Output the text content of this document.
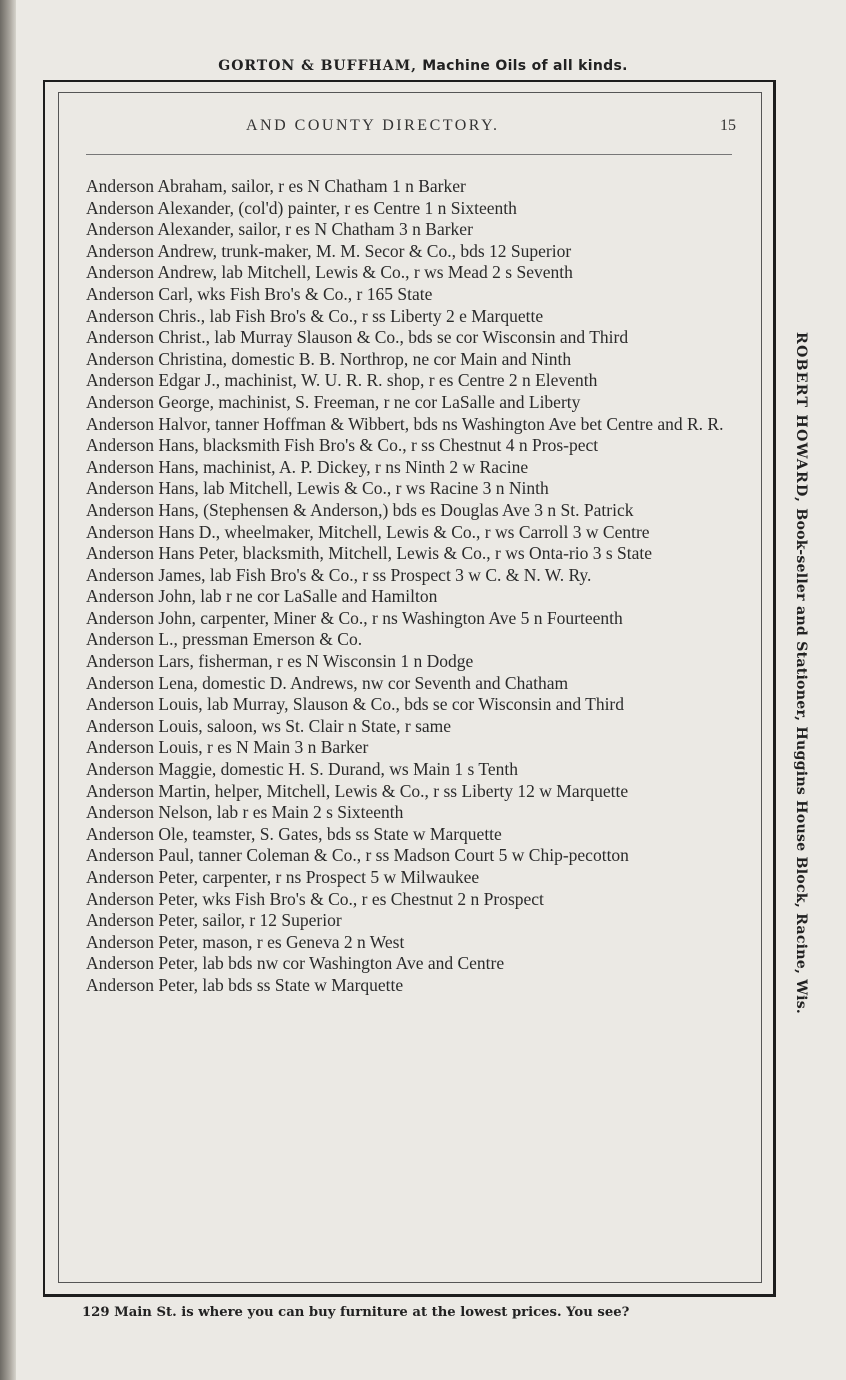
GORTON & BUFFHAM, Machine Oils of all kinds.
AND COUNTY DIRECTORY.	15
Anderson Abraham, sailor, r es N Chatham 1 n Barker
Anderson Alexander, (col'd) painter, r es Centre 1 n Sixteenth
Anderson Alexander, sailor, r es N Chatham 3 n Barker
Anderson Andrew, trunk-maker, M. M. Secor & Co., bds 12 Superior
Anderson Andrew, lab Mitchell, Lewis & Co., r ws Mead 2 s Seventh
Anderson Carl, wks Fish Bro's & Co., r 165 State
Anderson Chris., lab Fish Bro's & Co., r ss Liberty 2 e Marquette
Anderson Christ., lab Murray Slauson & Co., bds se cor Wisconsin and Third
Anderson Christina, domestic B. B. Northrop, ne cor Main and Ninth
Anderson Edgar J., machinist, W. U. R. R. shop, r es Centre 2 n Eleventh
Anderson George, machinist, S. Freeman, r ne cor LaSalle and Liberty
Anderson Halvor, tanner Hoffman & Wibbert, bds ns Washington Ave bet Centre and R. R.
Anderson Hans, blacksmith Fish Bro's & Co., r ss Chestnut 4 n Pros-pect
Anderson Hans, machinist, A. P. Dickey, r ns Ninth 2 w Racine
Anderson Hans, lab Mitchell, Lewis & Co., r ws Racine 3 n Ninth
Anderson Hans, (Stephensen & Anderson,) bds es Douglas Ave 3 n St. Patrick
Anderson Hans D., wheelmaker, Mitchell, Lewis & Co., r ws Carroll 3 w Centre
Anderson Hans Peter, blacksmith, Mitchell, Lewis & Co., r ws Onta-rio 3 s State
Anderson James, lab Fish Bro's & Co., r ss Prospect 3 w C. & N. W. Ry.
Anderson John, lab r ne cor LaSalle and Hamilton
Anderson John, carpenter, Miner & Co., r ns Washington Ave 5 n Fourteenth
Anderson L., pressman Emerson & Co.
Anderson Lars, fisherman, r es N Wisconsin 1 n Dodge
Anderson Lena, domestic D. Andrews, nw cor Seventh and Chatham
Anderson Louis, lab Murray, Slauson & Co., bds se cor Wisconsin and Third
Anderson Louis, saloon, ws St. Clair n State, r same
Anderson Louis, r es N Main 3 n Barker
Anderson Maggie, domestic H. S. Durand, ws Main 1 s Tenth
Anderson Martin, helper, Mitchell, Lewis & Co., r ss Liberty 12 w Marquette
Anderson Nelson, lab r es Main 2 s Sixteenth
Anderson Ole, teamster, S. Gates, bds ss State w Marquette
Anderson Paul, tanner Coleman & Co., r ss Madson Court 5 w Chip-pecotton
Anderson Peter, carpenter, r ns Prospect 5 w Milwaukee
Anderson Peter, wks Fish Bro's & Co., r es Chestnut 2 n Prospect
Anderson Peter, sailor, r 12 Superior
Anderson Peter, mason, r es Geneva 2 n West
Anderson Peter, lab bds nw cor Washington Ave and Centre
Anderson Peter, lab bds ss State w Marquette
ROBERT HOWARD, Book-seller and Stationer, Huggins House Block, Racine, Wis.
129 Main St. is where you can buy furniture at the lowest prices. You see?
